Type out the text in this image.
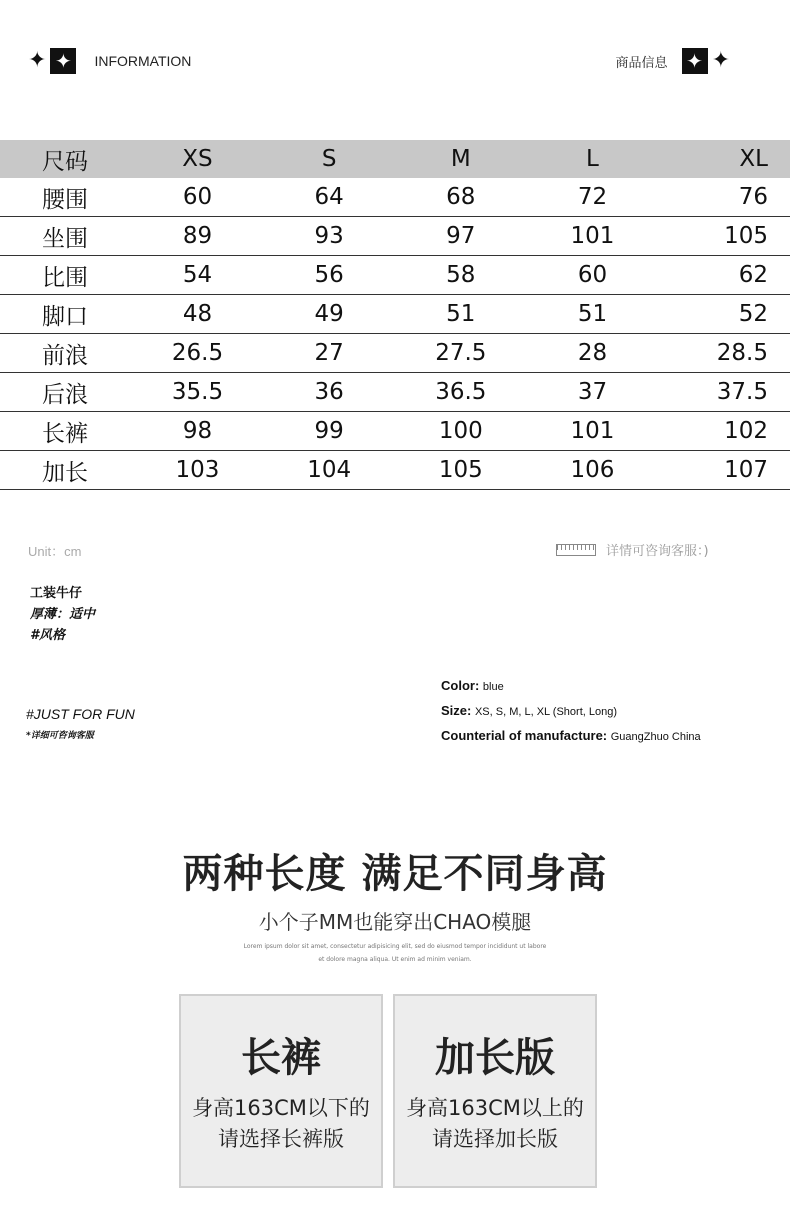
✦ ✦	INFORMATION	商品信息 ✦ ✦
尺码	XS	S	M	L	XL
腰围	60	64	68	72	76
坐围	89	93	97	101	105
比围	54	56	58	60	62
脚口	48	49	51	51	52
前浪	26.5	27	27.5	28	28.5
后浪	35.5	36	36.5	37	37.5
长裤	98	99	100	101	102
加长	103	104	105	106	107
Unit：cm	详情可咨询客服：)
工装牛仔
厚薄：适中
#风格
#JUST FOR FUN
*详细可咨询客服
Color: blue
Size: XS, S, M, L, XL (Short, Long)
Counterial of manufacture: GuangZhuo China
两种长度 满足不同身高
小个子MM也能穿出CHAO模腿
Lorem ipsum dolor sit amet, consectetur adipisicing elit, sed do eiusmod tempor incididunt ut labore
et dolore magna aliqua. Ut enim ad minim veniam.
长裤
身高163CM以下的
请选择长裤版
加长版
身高163CM以上的
请选择加长版
